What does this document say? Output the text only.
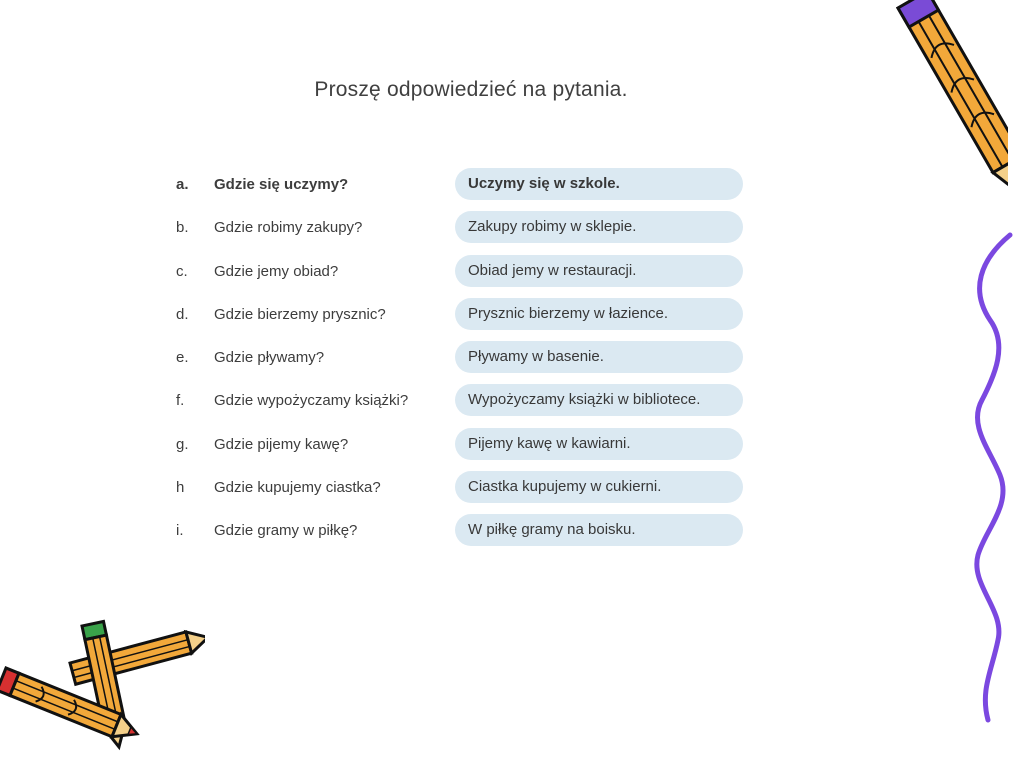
Proszę odpowiedzieć na pytania.
a. Gdzie się uczymy?	Uczymy się w szkole.
b. Gdzie robimy zakupy?	Zakupy robimy w sklepie.
c. Gdzie jemy obiad?	Obiad jemy w restauracji.
d. Gdzie bierzemy prysznic?	Prysznic bierzemy w łazience.
e. Gdzie pływamy?	Pływamy w basenie.
f. Gdzie wypożyczamy książki?	Wypożyczamy książki w bibliotece.
g. Gdzie pijemy kawę?	Pijemy kawę w kawiarni.
h Gdzie kupujemy ciastka?	Ciastka kupujemy w cukierni.
i. Gdzie gramy w piłkę?	W piłkę gramy na boisku.
